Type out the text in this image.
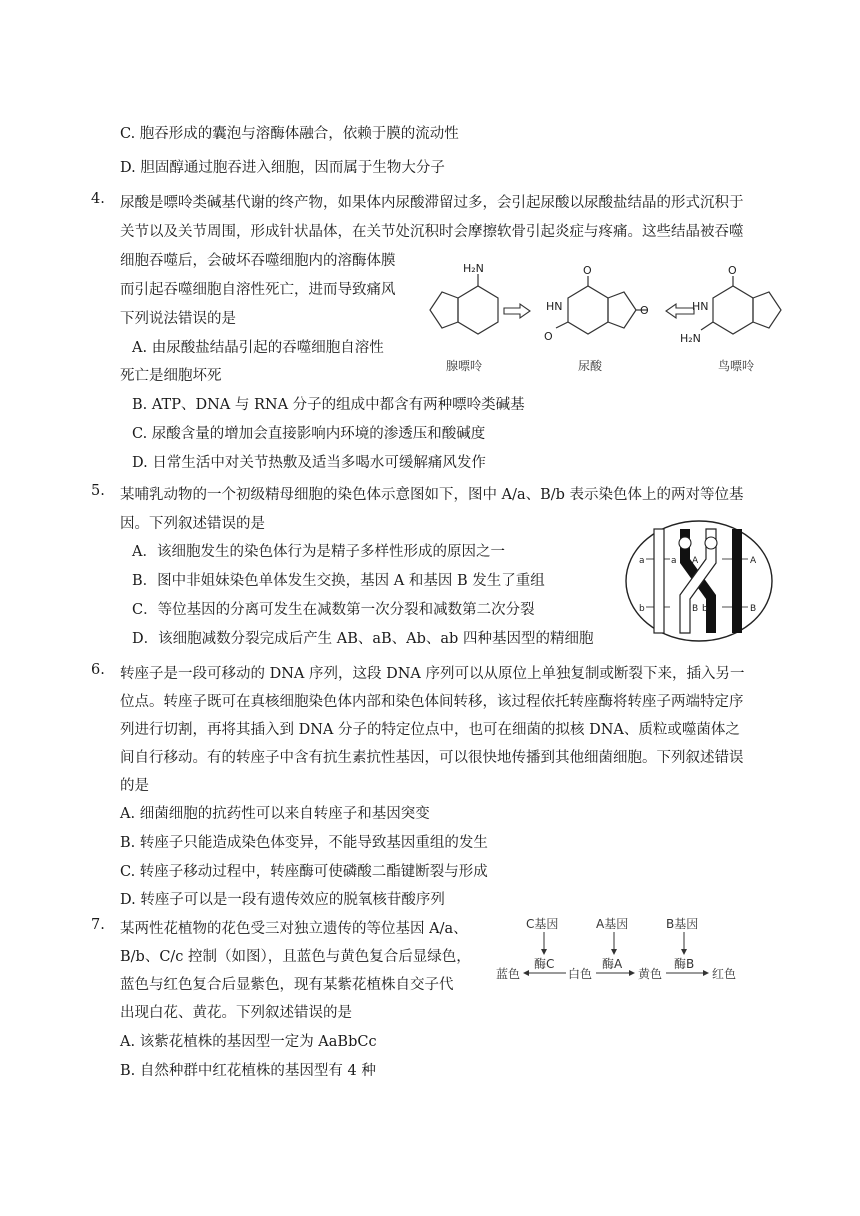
C. 胞吞形成的囊泡与溶酶体融合，依赖于膜的流动性
D. 胆固醇通过胞吞进入细胞，因而属于生物大分子
4. 尿酸是嘌呤类碱基代谢的终产物，如果体内尿酸滞留过多，会引起尿酸以尿酸盐结晶的形式沉积于
关节以及关节周围，形成针状晶体，在关节处沉积时会摩擦软骨引起炎症与疼痛。这些结晶被吞噬
细胞吞噬后，会破坏吞噬细胞内的溶酶体膜
而引起吞噬细胞自溶性死亡，进而导致痛风
下列说法错误的是
A. 由尿酸盐结晶引起的吞噬细胞自溶性
死亡是细胞坏死
B. ATP、DNA 与 RNA 分子的组成中都含有两种嘌呤类碱基
C. 尿酸含量的增加会直接影响内环境的渗透压和酸碱度
D. 日常生活中对关节热敷及适当多喝水可缓解痛风发作
H₂N	O
O
O
HN
O
HN
H₂N
腺嘌呤	尿酸	鸟嘌呤
5. 某哺乳动物的一个初级精母细胞的染色体示意图如下，图中 A/a、B/b 表示染色体上的两对等位基
因。下列叙述错误的是
A．该细胞发生的染色体行为是精子多样性形成的原因之一
B．图中非姐妹染色单体发生交换，基因 A 和基因 B 发生了重组
C．等位基因的分离可发生在减数第一次分裂和减数第二次分裂
D．该细胞减数分裂完成后产生 AB、aB、Ab、ab 四种基因型的精细胞
a	a A	A
b	B b	B
6. 转座子是一段可移动的 DNA 序列，这段 DNA 序列可以从原位上单独复制或断裂下来，插入另一
位点。转座子既可在真核细胞染色体内部和染色体间转移，该过程依托转座酶将转座子两端特定序
列进行切割，再将其插入到 DNA 分子的特定位点中，也可在细菌的拟核 DNA、质粒或噬菌体之
间自行移动。有的转座子中含有抗生素抗性基因，可以很快地传播到其他细菌细胞。下列叙述错误
的是
A. 细菌细胞的抗药性可以来自转座子和基因突变
B. 转座子只能造成染色体变异，不能导致基因重组的发生
C. 转座子移动过程中，转座酶可使磷酸二酯键断裂与形成
D. 转座子可以是一段有遗传效应的脱氧核苷酸序列
7. 某两性花植物的花色受三对独立遗传的等位基因 A/a、
B/b、C/c 控制（如图），且蓝色与黄色复合后显绿色，
蓝色与红色复合后显紫色，现有某紫花植株自交子代
出现白花、黄花。下列叙述错误的是
A. 该紫花植株的基因型一定为 AaBbCc
B. 自然种群中红花植株的基因型有 4 种
C基因	A基因	B基因
蓝色	白色	黄色	红色
酶C	酶A	酶B
